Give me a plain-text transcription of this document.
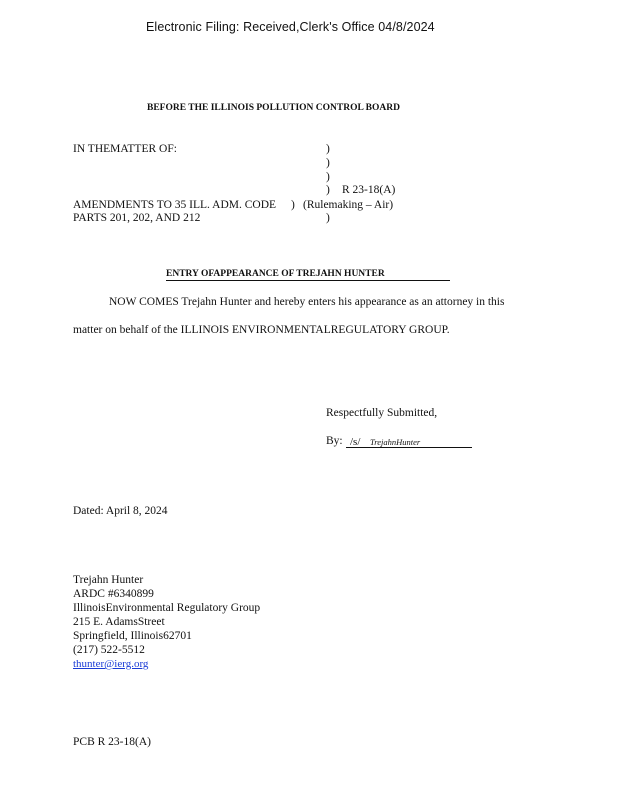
Electronic Filing: Received,Clerk's Office 04/8/2024
BEFORE THE ILLINOIS POLLUTION CONTROL BOARD
IN THEMATTER OF:	)
)
)
) R 23-18(A)
AMENDMENTS TO 35 ILL. ADM. CODE ) (Rulemaking – Air)
PARTS 201, 202, AND 212	)
ENTRY OFAPPEARANCE OF TREJAHN HUNTER
NOW COMES Trejahn Hunter and hereby enters his appearance as an attorney in this
matter on behalf of the ILLINOIS ENVIRONMENTALREGULATORY GROUP.
Respectfully Submitted,
By: /s/ TrejahnHunter
Dated: April 8, 2024
Trejahn Hunter
ARDC #6340899
IllinoisEnvironmental Regulatory Group
215 E. AdamsStreet
Springfield, Illinois62701
(217) 522-5512
thunter@ierg.org
PCB R 23-18(A)
